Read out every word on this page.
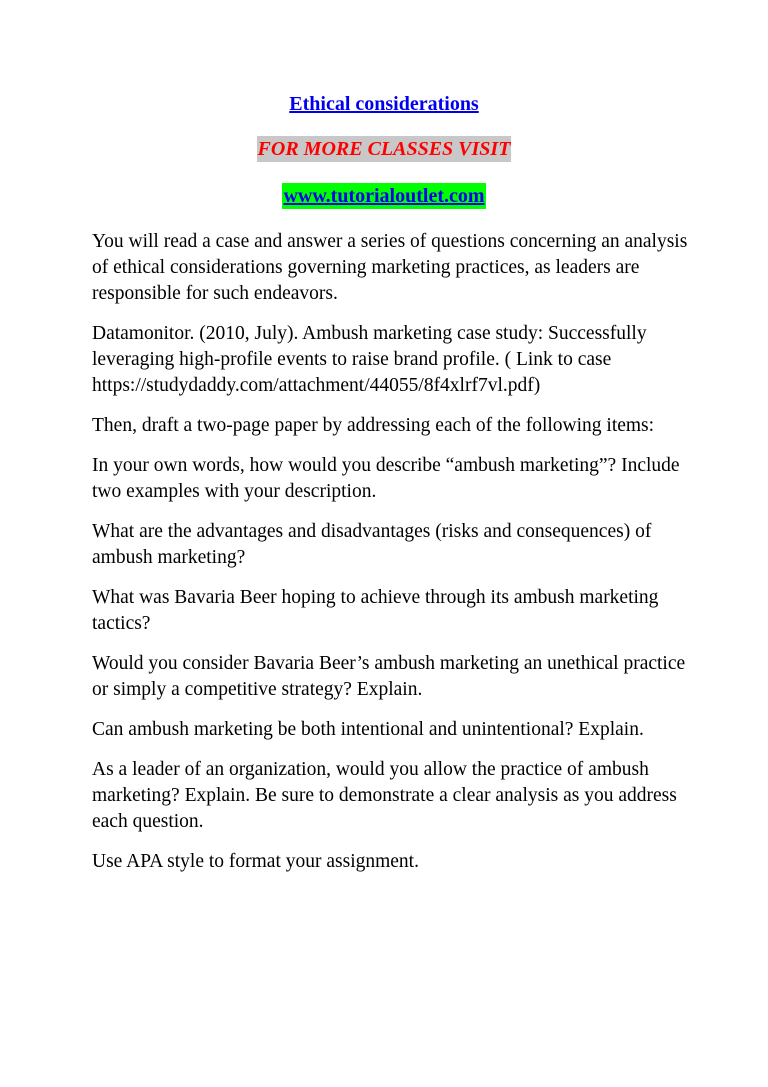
Ethical considerations
FOR MORE CLASSES VISIT
www.tutorialoutlet.com

You will read a case and answer a series of questions concerning an analysis of ethical considerations governing marketing practices, as leaders are responsible for such endeavors.

Datamonitor. (2010, July). Ambush marketing case study: Successfully leveraging high-profile events to raise brand profile. ( Link to case https://studydaddy.com/attachment/44055/8f4xlrf7vl.pdf)

Then, draft a two-page paper by addressing each of the following items:

In your own words, how would you describe “ambush marketing”? Include two examples with your description.

What are the advantages and disadvantages (risks and consequences) of ambush marketing?

What was Bavaria Beer hoping to achieve through its ambush marketing tactics?

Would you consider Bavaria Beer’s ambush marketing an unethical practice or simply a competitive strategy? Explain.

Can ambush marketing be both intentional and unintentional? Explain.

As a leader of an organization, would you allow the practice of ambush marketing? Explain. Be sure to demonstrate a clear analysis as you address each question.

Use APA style to format your assignment.
